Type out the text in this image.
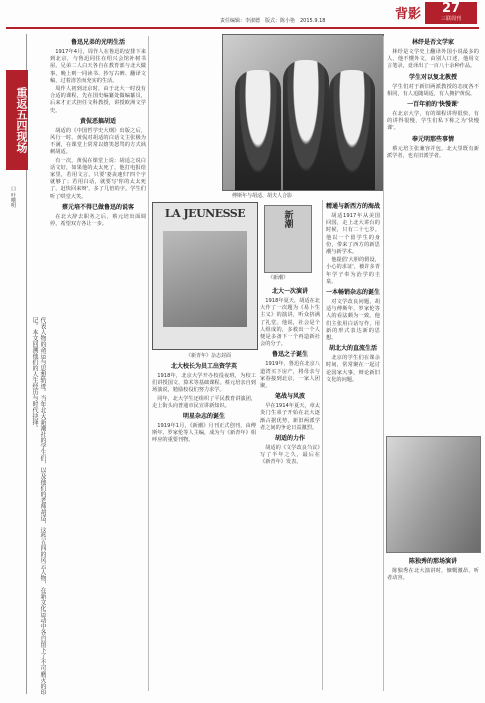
责任编辑：李淑德　版式：陈小艳　2015.9.18	背影	27
三联周刊
重返五四现场
口 叶曙明
代表人物的命运与思想轨迹。当年北大新潮社的学生们，以及他们的老师胡适，这些五四的风云人物，在新文化运动中各自留下了不可磨灭的印记。本文回溯他们的人生经历与时代抉择。
鲁迅兄弟的光明生活

1917年4月，周作人在鲁迅的安排下来到北京，与鲁迅同住在绍兴会馆补树书屋。兄弟二人白天各自在教育部与北大做事，晚上则一同读书、抄写古碑、翻译文稿，过着清苦而充实的生活。

周作人初到北京时，由于北大一时没有合适的课程，先在国史编纂处做编纂员，后来才正式担任文科教授，讲授欧洲文学史。

黄侃恶搞胡适

胡适的《中国哲学史大纲》出版之后，风行一时。黄侃对胡适的白话文主张极为不满，在课堂上常常以嬉笑怒骂的方式讽刺胡适。

有一次，黄侃在课堂上说：胡适之说白话文好，如果他的太太死了，他打电报给家里，若用文言，只要'妻丧速归'四个字就够了；若用白话，就要写'你的太太死了，赶快回来呀'，多了几倍的字。学生们听了哄堂大笑。

蔡元培不得已做鲁迅的说客

在北大辞去职务之后，蔡元培出面调停，希望双方各让一步。

北大校长为员工出资学英

1918年，北京大学开办校役夜班，为校工们讲授国文、算术等基础课程。蔡元培亲自到场演说，勉励校役们努力求学。

同年，北大学生还组织了平民教育讲演团，走上街头向普通市民宣讲新知识。

明星杂志的诞生

1919年1月，《新潮》月刊正式创刊，由傅斯年、罗家伦等人主编，成为与《新青年》相呼应的重要刊物。

傅斯年与胡适、胡夫人合影
LA JEUNESSE
《新青年》杂志封面
新潮
《新潮》
北大一次演讲

1918年夏天，胡适在北大作了一次题为《易卜生主义》的演讲，听众挤满了礼堂。他说，社会是个人组成的，多救出一个人便是多备下一个再造新社会的分子。

鲁迅之子诞生

1919年，鲁迅在北京八道湾买下房产，将母亲与家眷接到北京，一家人团聚。

笔战与风波

早在1914年夏天，章太炎门生弟子开始在北大逐渐占据优势，新旧两派学者之间的争论日益激烈。

胡适的力作

胡适的《文学改良刍议》写了半年之久，最后在《新青年》发表。

精通与新西方的海战

胡适1917年从美国回国，走上北大讲台的时候，只有二十七岁。他以一个留学生的身份，带来了西方的新思潮与新学术。

他提倡'大胆的假设，小心的求证'，被许多青年学子奉为治学的圭臬。

一本畅销杂志的诞生

对文学改良问题，胡适与傅斯年、罗家伦等人的看法颇为一致。他们主张用白话写作，用新的形式表达新的思想。

胡北大的直流生活

北京的学生们在课余时间，常常聚在一起讨论国家大事，辩论新旧文化的问题。

林纾是否文学家

林纾是文学史上翻译外国小说最多的人，他不懂外文，由别人口述，他用文言笔录，竟译出了一百八十余种作品。

学生对以复北教授

学生们对于新旧两派教授的态度各不相同，有人追随胡适，有人拥护黄侃。

一百年前的'快慢课'

在北京大学，有的课程讲得很快，有的讲得很慢，学生们私下称之为'快慢课'。

奉元明那些事情

蔡元培主张兼容并包，北大里既有新派学者，也有旧派学者。

陈独秀的那场演讲

陈独秀在北大演讲时，慷慨激昂，听者动容。
